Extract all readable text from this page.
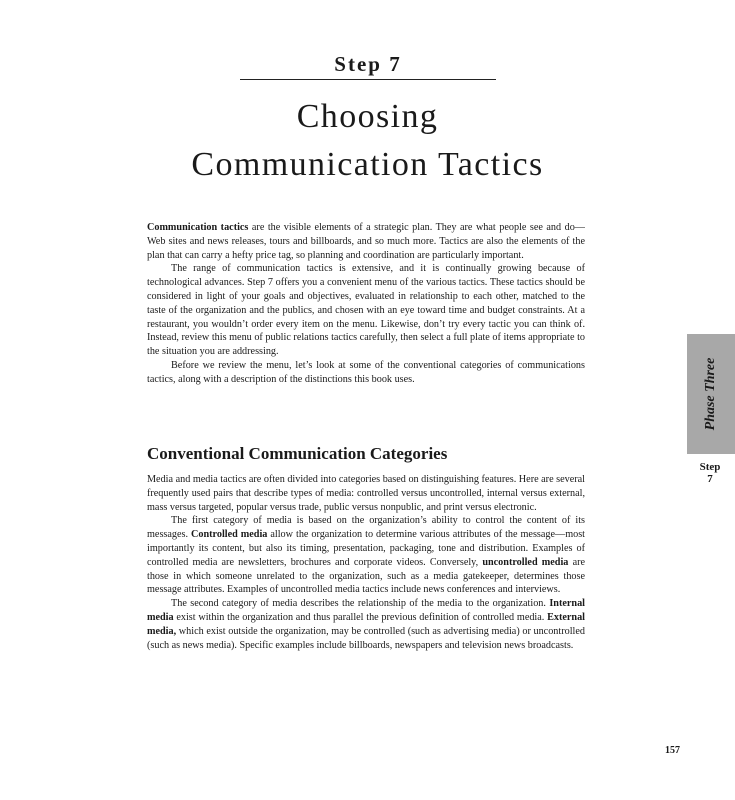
Step 7
Choosing
Communication Tactics

Communication tactics are the visible elements of a strategic plan. They are what people see and do—Web sites and news releases, tours and billboards, and so much more. Tactics are also the elements of the plan that can carry a hefty price tag, so planning and coordination are particularly important.

The range of communication tactics is extensive, and it is continually growing because of technological advances. Step 7 offers you a convenient menu of the various tactics. These tactics should be considered in light of your goals and objectives, evaluated in relationship to each other, matched to the taste of the organization and the publics, and chosen with an eye toward time and budget constraints. At a restaurant, you wouldn’t order every item on the menu. Likewise, don’t try every tactic you can think of. Instead, review this menu of public relations tactics carefully, then select a full plate of items appropriate to the situation you are addressing.

Before we review the menu, let’s look at some of the conventional categories of communications tactics, along with a description of the distinctions this book uses.

Conventional Communication Categories

Media and media tactics are often divided into categories based on distinguishing features. Here are several frequently used pairs that describe types of media: controlled versus uncontrolled, internal versus external, mass versus targeted, popular versus trade, public versus nonpublic, and print versus electronic.

The first category of media is based on the organization’s ability to control the content of its messages. Controlled media allow the organization to determine various attributes of the message—most importantly its content, but also its timing, presentation, packaging, tone and distribution. Examples of controlled media are newsletters, brochures and corporate videos. Conversely, uncontrolled media are those in which someone unrelated to the organization, such as a media gatekeeper, determines those message attributes. Examples of uncontrolled media tactics include news conferences and interviews.

The second category of media describes the relationship of the media to the organization. Internal media exist within the organization and thus parallel the previous definition of controlled media. External media, which exist outside the organization, may be controlled (such as advertising media) or uncontrolled (such as news media). Specific examples include billboards, newspapers and television news broadcasts.

Phase Three
Step
7
157
